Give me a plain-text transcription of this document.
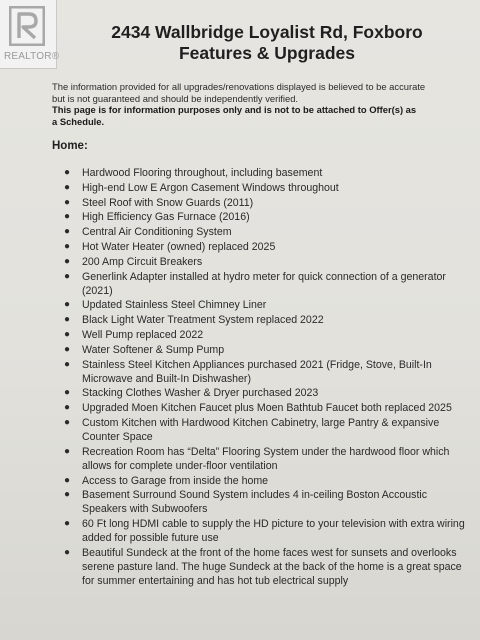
REALTOR®
2434 Wallbridge Loyalist Rd, Foxboro
Features & Upgrades
The information provided for all upgrades/renovations displayed is believed to be accurate
but is not guaranteed and should be independently verified.
This page is for information purposes only and is not to be attached to Offer(s) as
a Schedule.
Home:
● Hardwood Flooring throughout, including basement
● High-end Low E Argon Casement Windows throughout
● Steel Roof with Snow Guards (2011)
● High Efficiency Gas Furnace (2016)
● Central Air Conditioning System
● Hot Water Heater (owned) replaced 2025
● 200 Amp Circuit Breakers
● Generlink Adapter installed at hydro meter for quick connection of a generator (2021)
● Updated Stainless Steel Chimney Liner
● Black Light Water Treatment System replaced 2022
● Well Pump replaced 2022
● Water Softener & Sump Pump
● Stainless Steel Kitchen Appliances purchased 2021 (Fridge, Stove, Built-In Microwave and Built-In Dishwasher)
● Stacking Clothes Washer & Dryer purchased 2023
● Upgraded Moen Kitchen Faucet plus Moen Bathtub Faucet both replaced 2025
● Custom Kitchen with Hardwood Kitchen Cabinetry, large Pantry & expansive Counter Space
● Recreation Room has “Delta” Flooring System under the hardwood floor which allows for complete under-floor ventilation
● Access to Garage from inside the home
● Basement Surround Sound System includes 4 in-ceiling Boston Accoustic Speakers with Subwoofers
● 60 Ft long HDMI cable to supply the HD picture to your television with extra wiring added for possible future use
● Beautiful Sundeck at the front of the home faces west for sunsets and overlooks serene pasture land. The huge Sundeck at the back of the home is a great space for summer entertaining and has hot tub electrical supply
